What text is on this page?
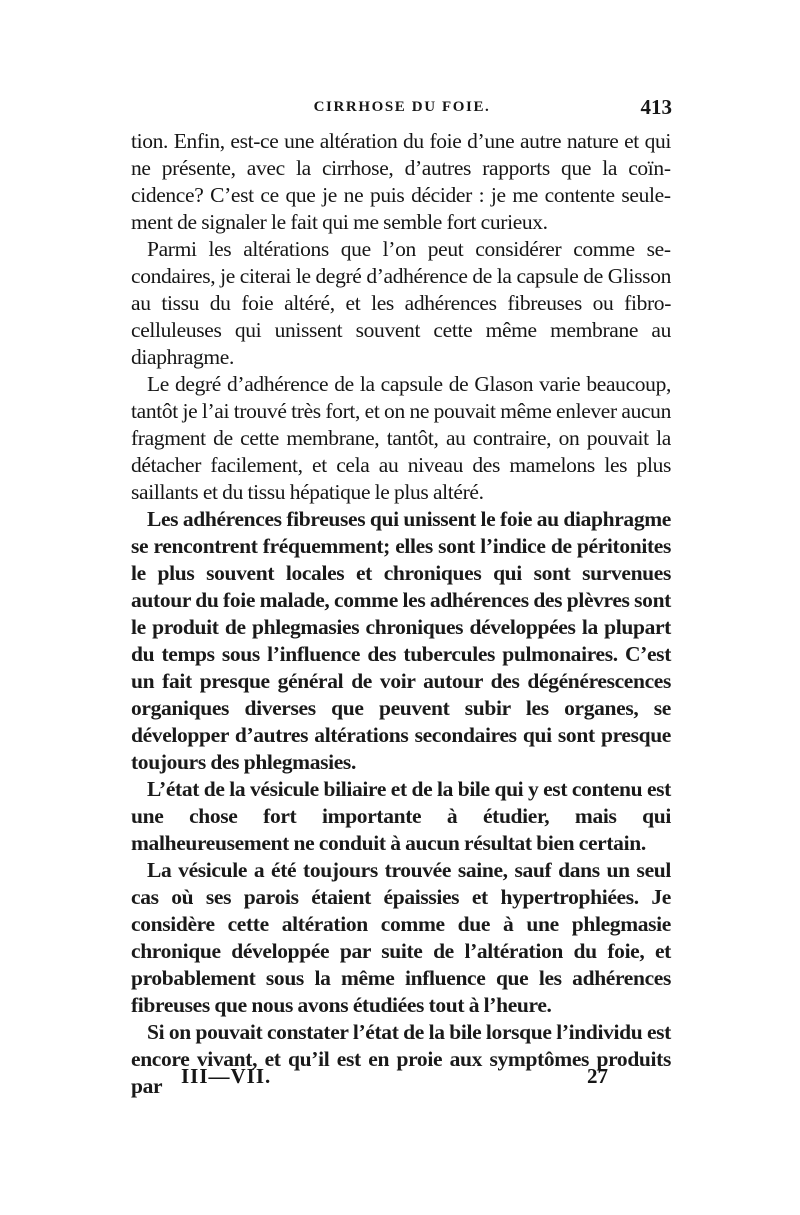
CIRRHOSE DU FOIE.	413

tion. Enfin, est-ce une altération du foie d’une autre nature et qui ne présente, avec la cirrhose, d’autres rapports que la coïncidence? C’est ce que je ne puis décider : je me contente seulement de signaler le fait qui me semble fort curieux.

Parmi les altérations que l’on peut considérer comme secondaires, je citerai le degré d’adhérence de la capsule de Glisson au tissu du foie altéré, et les adhérences fibreuses ou fibro-celluleuses qui unissent souvent cette même membrane au diaphragme.

Le degré d’adhérence de la capsule de Glason varie beaucoup, tantôt je l’ai trouvé très fort, et on ne pouvait même enlever aucun fragment de cette membrane, tantôt, au contraire, on pouvait la détacher facilement, et cela au niveau des mamelons les plus saillants et du tissu hépatique le plus altéré.

Les adhérences fibreuses qui unissent le foie au diaphragme se rencontrent fréquemment; elles sont l’indice de péritonites le plus souvent locales et chroniques qui sont survenues autour du foie malade, comme les adhérences des plèvres sont le produit de phlegmasies chroniques développées la plupart du temps sous l’influence des tubercules pulmonaires. C’est un fait presque général de voir autour des dégénérescences organiques diverses que peuvent subir les organes, se développer d’autres altérations secondaires qui sont presque toujours des phlegmasies.

L’état de la vésicule biliaire et de la bile qui y est contenu est une chose fort importante à étudier, mais qui malheureusement ne conduit à aucun résultat bien certain.

La vésicule a été toujours trouvée saine, sauf dans un seul cas où ses parois étaient épaissies et hypertrophiées. Je considère cette altération comme due à une phlegmasie chronique développée par suite de l’altération du foie, et probablement sous la même influence que les adhérences fibreuses que nous avons étudiées tout à l’heure.

Si on pouvait constater l’état de la bile lorsque l’individu est encore vivant, et qu’il est en proie aux symptômes produits par III—VII.	27
